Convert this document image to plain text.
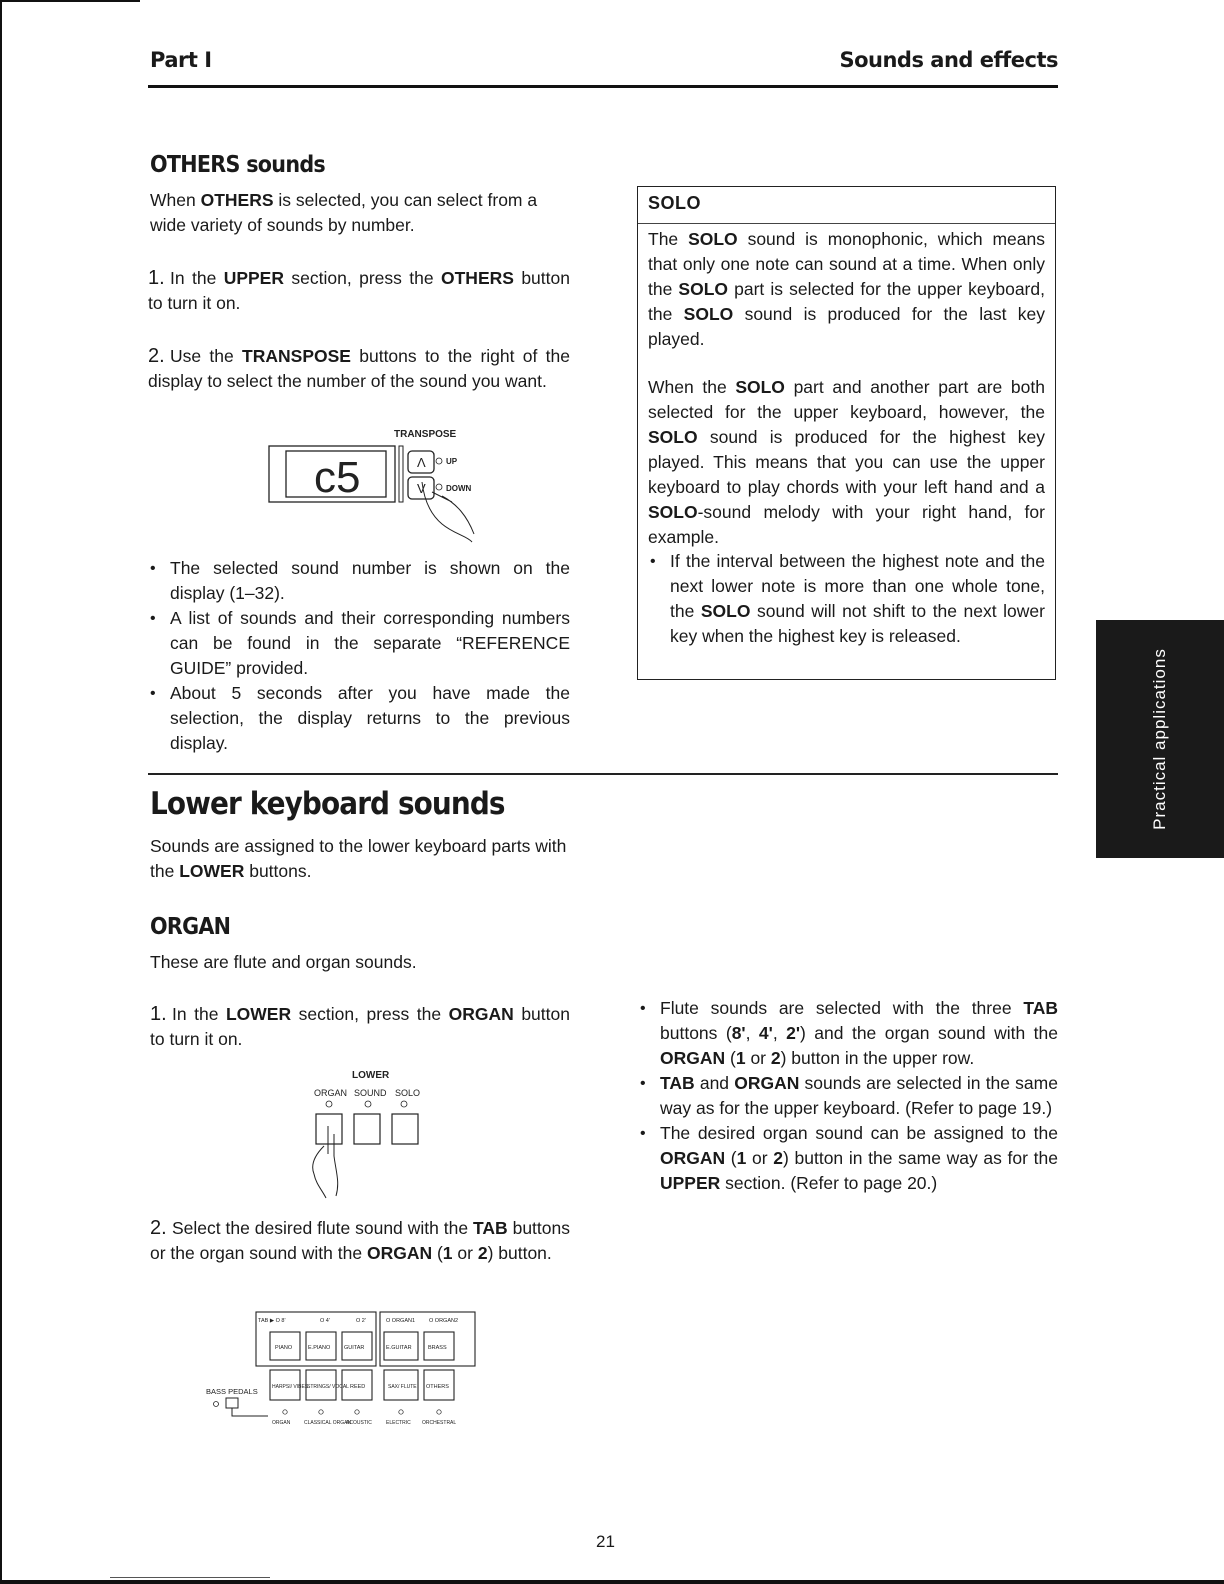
Part I	Sounds and effects
OTHERS sounds
When OTHERS is selected, you can select from a wide variety of sounds by number.
1. In the UPPER section, press the OTHERS button to turn it on.
2. Use the TRANSPOSE buttons to the right of the display to select the number of the sound you want.
TRANSPOSE
c5	Λ
V
UP
DOWN
• The selected sound number is shown on the display (1–32).
• A list of sounds and their corresponding numbers can be found in the separate “REFERENCE GUIDE” provided.
• About 5 seconds after you have made the selection, the display returns to the previous display.
SOLO
The SOLO sound is monophonic, which means that only one note can sound at a time. When only the SOLO part is selected for the upper keyboard, the SOLO sound is produced for the last key played.
When the SOLO part and another part are both selected for the upper keyboard, however, the SOLO sound is produced for the highest key played. This means that you can use the upper keyboard to play chords with your left hand and a SOLO-sound melody with your right hand, for example.
• If the interval between the highest note and the next lower note is more than one whole tone, the SOLO sound will not shift to the next lower key when the highest key is released.
Lower keyboard sounds
Sounds are assigned to the lower keyboard parts with the LOWER buttons.
ORGAN
These are flute and organ sounds.
1. In the LOWER section, press the ORGAN button to turn it on.
LOWER
ORGAN SOUND SOLO
2. Select the desired flute sound with the TAB buttons or the organ sound with the ORGAN (1 or 2) button.
TAB ▶ O 8'	O 4'	O 2'	O ORGAN1	O ORGAN2
PIANO	E.PIANO GUITAR	E.GUITAR	BRASS
HARPSI/ VIBES
STRINGS/ VOCAL REED	SAX/ FLUTE OTHERS
BASS PEDALS
ORGAN	CLASSICAL ORGAN
ACOUSTIC	ELECTRIC ORCHESTRAL
• Flute sounds are selected with the three TAB buttons (8', 4', 2') and the organ sound with the ORGAN (1 or 2) button in the upper row.
• TAB and ORGAN sounds are selected in the same way as for the upper keyboard. (Refer to page 19.)
• The desired organ sound can be assigned to the ORGAN (1 or 2) button in the same way as for the UPPER section. (Refer to page 20.)
Practical applications
21
